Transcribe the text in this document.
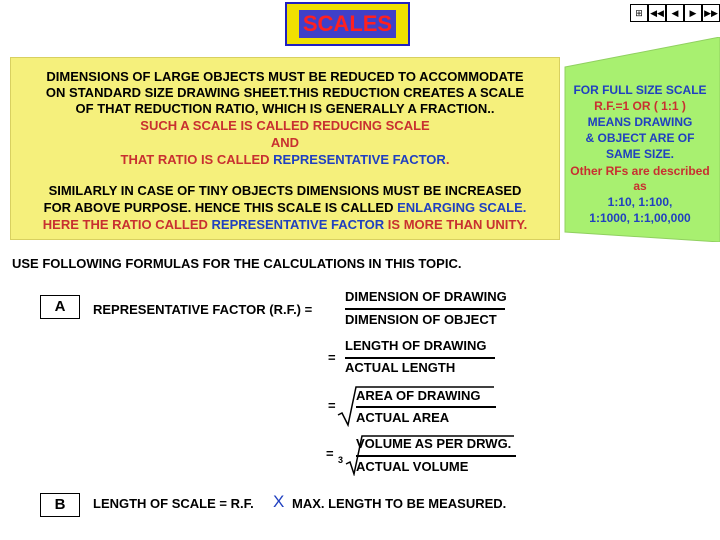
SCALES	⊞ ◀◀ ◀	▶ ▶▶
DIMENSIONS OF LARGE OBJECTS MUST BE REDUCED TO ACCOMMODATE
ON STANDARD SIZE DRAWING SHEET.THIS REDUCTION CREATES A SCALE
OF THAT REDUCTION RATIO, WHICH IS GENERALLY A FRACTION..
SUCH A SCALE IS CALLED REDUCING SCALE
AND
THAT RATIO IS CALLED REPRESENTATIVE FACTOR.
SIMILARLY IN CASE OF TINY OBJECTS DIMENSIONS MUST BE INCREASED
FOR ABOVE PURPOSE. HENCE THIS SCALE IS CALLED ENLARGING SCALE.
HERE THE RATIO CALLED REPRESENTATIVE FACTOR IS MORE THAN UNITY.
FOR FULL SIZE SCALE
R.F.=1 OR ( 1:1 )
MEANS DRAWING
& OBJECT ARE OF
SAME SIZE.
Other RFs are described
as
1:10, 1:100,
1:1000, 1:1,00,000
USE FOLLOWING FORMULAS FOR THE CALCULATIONS IN THIS TOPIC.
A	REPRESENTATIVE FACTOR (R.F.) =
DIMENSION OF DRAWING
DIMENSION OF OBJECT
=
LENGTH OF DRAWING
ACTUAL LENGTH
=
AREA OF DRAWING
ACTUAL AREA
= 3
VOLUME AS PER DRWG.
ACTUAL VOLUME
B	LENGTH OF SCALE = R.F. X MAX. LENGTH TO BE MEASURED.
